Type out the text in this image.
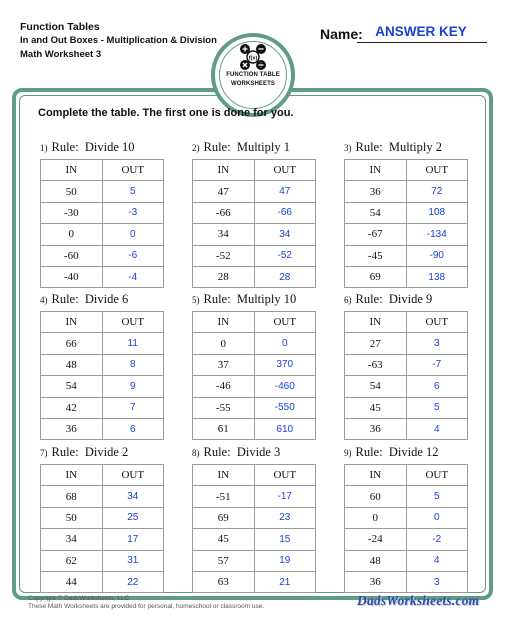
Function Tables
In and Out Boxes - Multiplication & Division
Math Worksheet 3
Name: ANSWER KEY
f(x)
FUNCTION TABLE
WORKSHEETS
Complete the table. The first one is done for you.
1) Rule: Divide 10
IN	OUT
50	5
-30	-3
0	0
-60	-6
-40	-4
2) Rule: Multiply 1
IN	OUT
47	47
-66	-66
34	34
-52	-52
28	28
3) Rule: Multiply 2
IN	OUT
36	72
54	108
-67	-134
-45	-90
69	138
4) Rule: Divide 6
IN	OUT
66	11
48	8
54	9
42	7
36	6
5) Rule: Multiply 10
IN	OUT
0	0
37	370
-46	-460
-55	-550
61	610
6) Rule: Divide 9
IN	OUT
27	3
-63	-7
54	6
45	5
36	4
7) Rule: Divide 2
IN	OUT
68	34
50	25
34	17
62	31
44	22
8) Rule: Divide 3
IN	OUT
-51	-17
69	23
45	15
57	19
63	21
9) Rule: Divide 12
IN	OUT
60	5
0	0
-24	-2
48	4
36	3
Copyright © DadsWorksheets, LLC
These Math Worksheets are provided for personal, homeschool or classroom use.	DadsWorksheets.com
